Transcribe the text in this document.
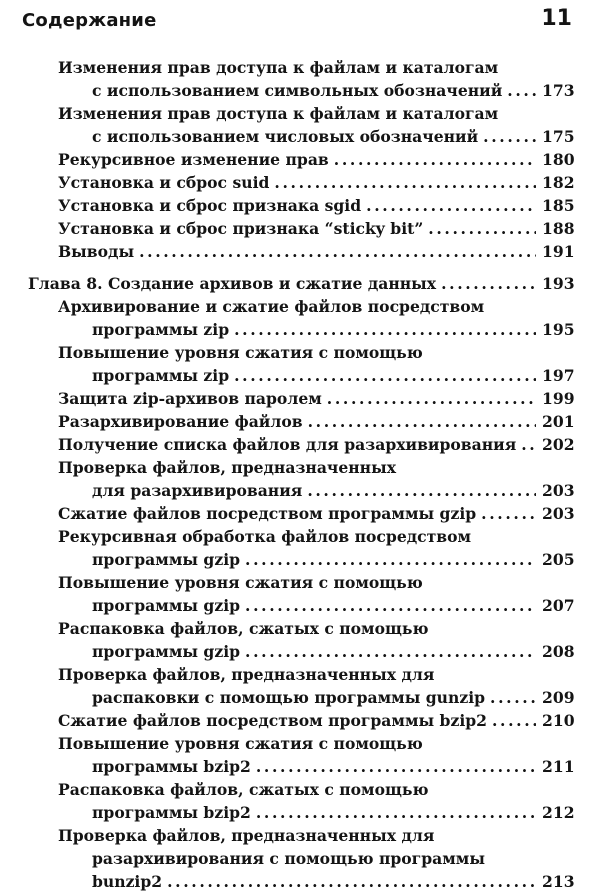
Содержание	11
Изменения прав доступа к файлам и каталогам
с использованием символьных обозначений . . .	173
Изменения прав доступа к файлам и каталогам
с использованием числовых обозначений . . .	175
Рекурсивное изменение прав . . .	180
Установка и сброс suid . . .	182
Установка и сброс признака sgid . . .	185
Установка и сброс признака “sticky bit” . . .	188
Выводы . . .	191
Глава 8. Создание архивов и сжатие данных . . .	193
Архивирование и сжатие файлов посредством
программы zip . . .	195
Повышение уровня сжатия с помощью
программы zip . . .	197
Защита zip-архивов паролем . . .	199
Разархивирование файлов . . .	201
Получение списка файлов для разархивирования . . . 202
Проверка файлов, предназначенных
для разархивирования . . .	203
Сжатие файлов посредством программы gzip . . .	203
Рекурсивная обработка файлов посредством
программы gzip . . .	205
Повышение уровня сжатия с помощью
программы gzip . . .	207
Распаковка файлов, сжатых с помощью
программы gzip . . .	208
Проверка файлов, предназначенных для
распаковки с помощью программы gunzip . . .	209
Сжатие файлов посредством программы bzip2 . . .	210
Повышение уровня сжатия с помощью
программы bzip2 . . .	211
Распаковка файлов, сжатых с помощью
программы bzip2 . . .	212
Проверка файлов, предназначенных для
разархивирования с помощью программы
bunzip2 . . .	213
